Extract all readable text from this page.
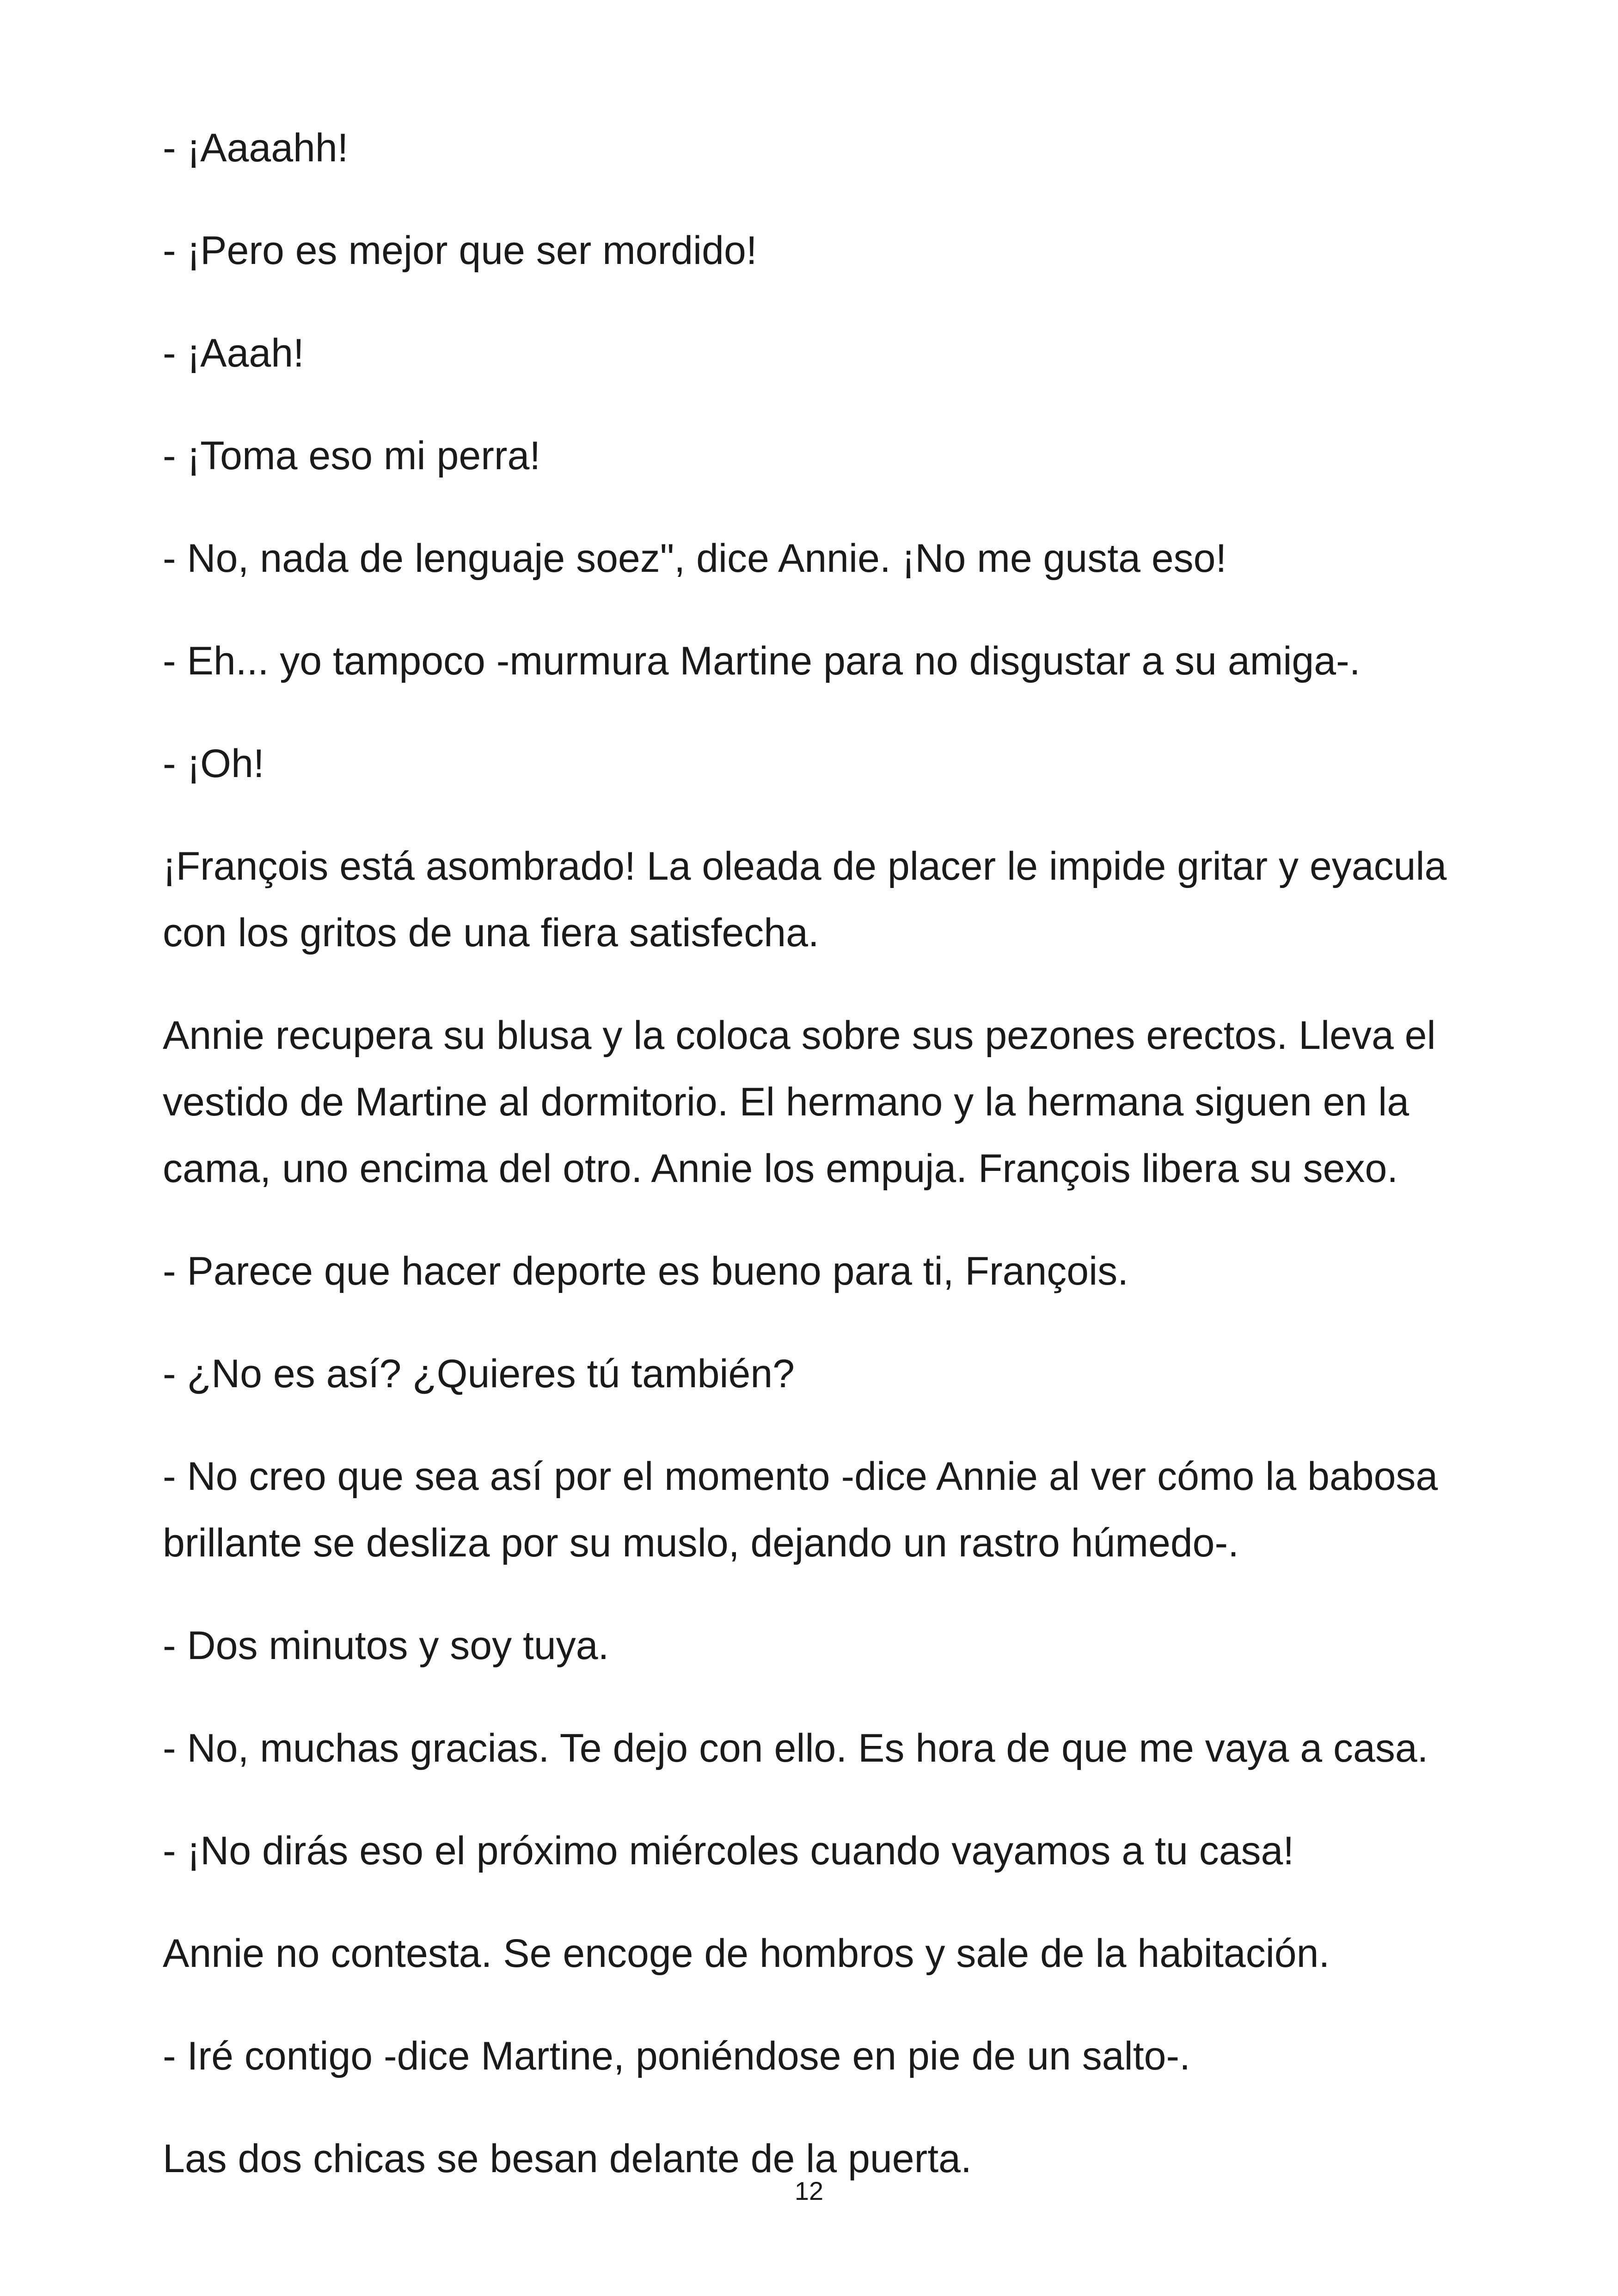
- ¡Aaaahh!

- ¡Pero es mejor que ser mordido!

- ¡Aaah!

- ¡Toma eso mi perra!

- No, nada de lenguaje soez", dice Annie. ¡No me gusta eso!

- Eh... yo tampoco -murmura Martine para no disgustar a su amiga-.

- ¡Oh!

¡François está asombrado! La oleada de placer le impide gritar y eyacula con los gritos de una fiera satisfecha.

Annie recupera su blusa y la coloca sobre sus pezones erectos. Lleva el vestido de Martine al dormitorio. El hermano y la hermana siguen en la cama, uno encima del otro. Annie los empuja. François libera su sexo.

- Parece que hacer deporte es bueno para ti, François.

- ¿No es así? ¿Quieres tú también?

- No creo que sea así por el momento -dice Annie al ver cómo la babosa brillante se desliza por su muslo, dejando un rastro húmedo-.

- Dos minutos y soy tuya.

- No, muchas gracias. Te dejo con ello. Es hora de que me vaya a casa.

- ¡No dirás eso el próximo miércoles cuando vayamos a tu casa!

Annie no contesta. Se encoge de hombros y sale de la habitación.

- Iré contigo -dice Martine, poniéndose en pie de un salto-.

Las dos chicas se besan delante de la puerta.

12
